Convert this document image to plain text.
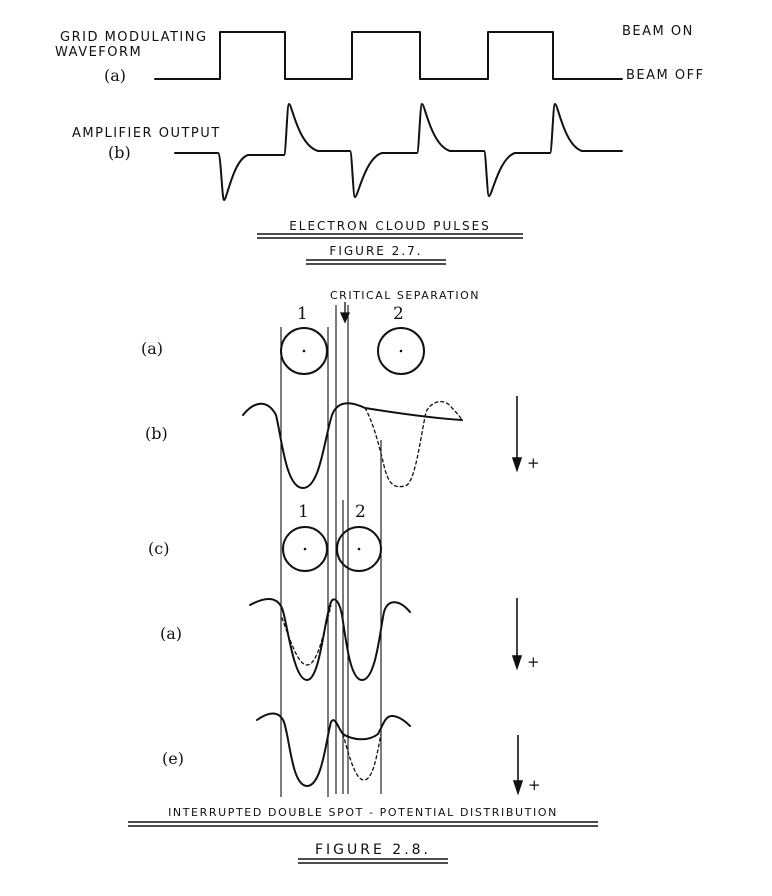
GRID MODULATING
WAVEFORM
(a)
BEAM ON
BEAM OFF
AMPLIFIER OUTPUT
(b)
ELECTRON CLOUD PULSES
FIGURE 2.7.
CRITICAL SEPARATION
1	2
(a)
(b)
1	2
(c)
(a)
(e)
+
+
+
INTERRUPTED DOUBLE SPOT - POTENTIAL DISTRIBUTION
FIGURE 2.8.
